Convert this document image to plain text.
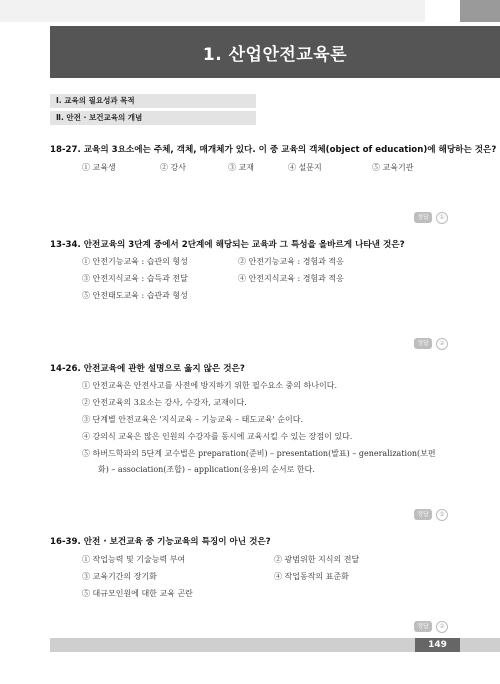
1. 산업안전교육론
Ⅰ. 교육의 필요성과 목적
Ⅱ. 안전 · 보건교육의 개념
18-27. 교육의 3요소에는 주체, 객체, 매개체가 있다. 이 중 교육의 객체(object of education)에 해당하는 것은?
① 교육생	② 강사	③ 교재	④ 설문지	⑤ 교육기관
정답	①
13-34. 안전교육의 3단계 중에서 2단계에 해당되는 교육과 그 특성을 올바르게 나타낸 것은?
① 안전기능교육 : 습관의 형성	② 안전기능교육 : 경험과 적응
③ 안전지식교육 : 습득과 전달	④ 안전지식교육 : 경험과 적응
⑤ 안전태도교육 : 습관과 형성
정답	②
14-26. 안전교육에 관한 설명으로 옳지 않은 것은?
① 안전교육은 안전사고를 사전에 방지하기 위한 필수요소 중의 하나이다.
② 안전교육의 3요소는 강사, 수강자, 교재이다.
③ 단계별 안전교육은 '지식교육 – 기능교육 – 태도교육' 순이다.
④ 강의식 교육은 많은 인원의 수강자를 동시에 교육시킬 수 있는 장점이 있다.
⑤ 하버드학파의 5단계 교수법은 preparation(준비) – presentation(발표) – generalization(보편
화) – association(조합) – application(응용)의 순서로 한다.
정답	⑤
16-39. 안전 · 보건교육 중 기능교육의 특징이 아닌 것은?
① 작업능력 및 기술능력 부여	② 광범위한 지식의 전달
③ 교육기간의 장기화	④ 작업동작의 표준화
⑤ 대규모인원에 대한 교육 곤란
정답	②
149
